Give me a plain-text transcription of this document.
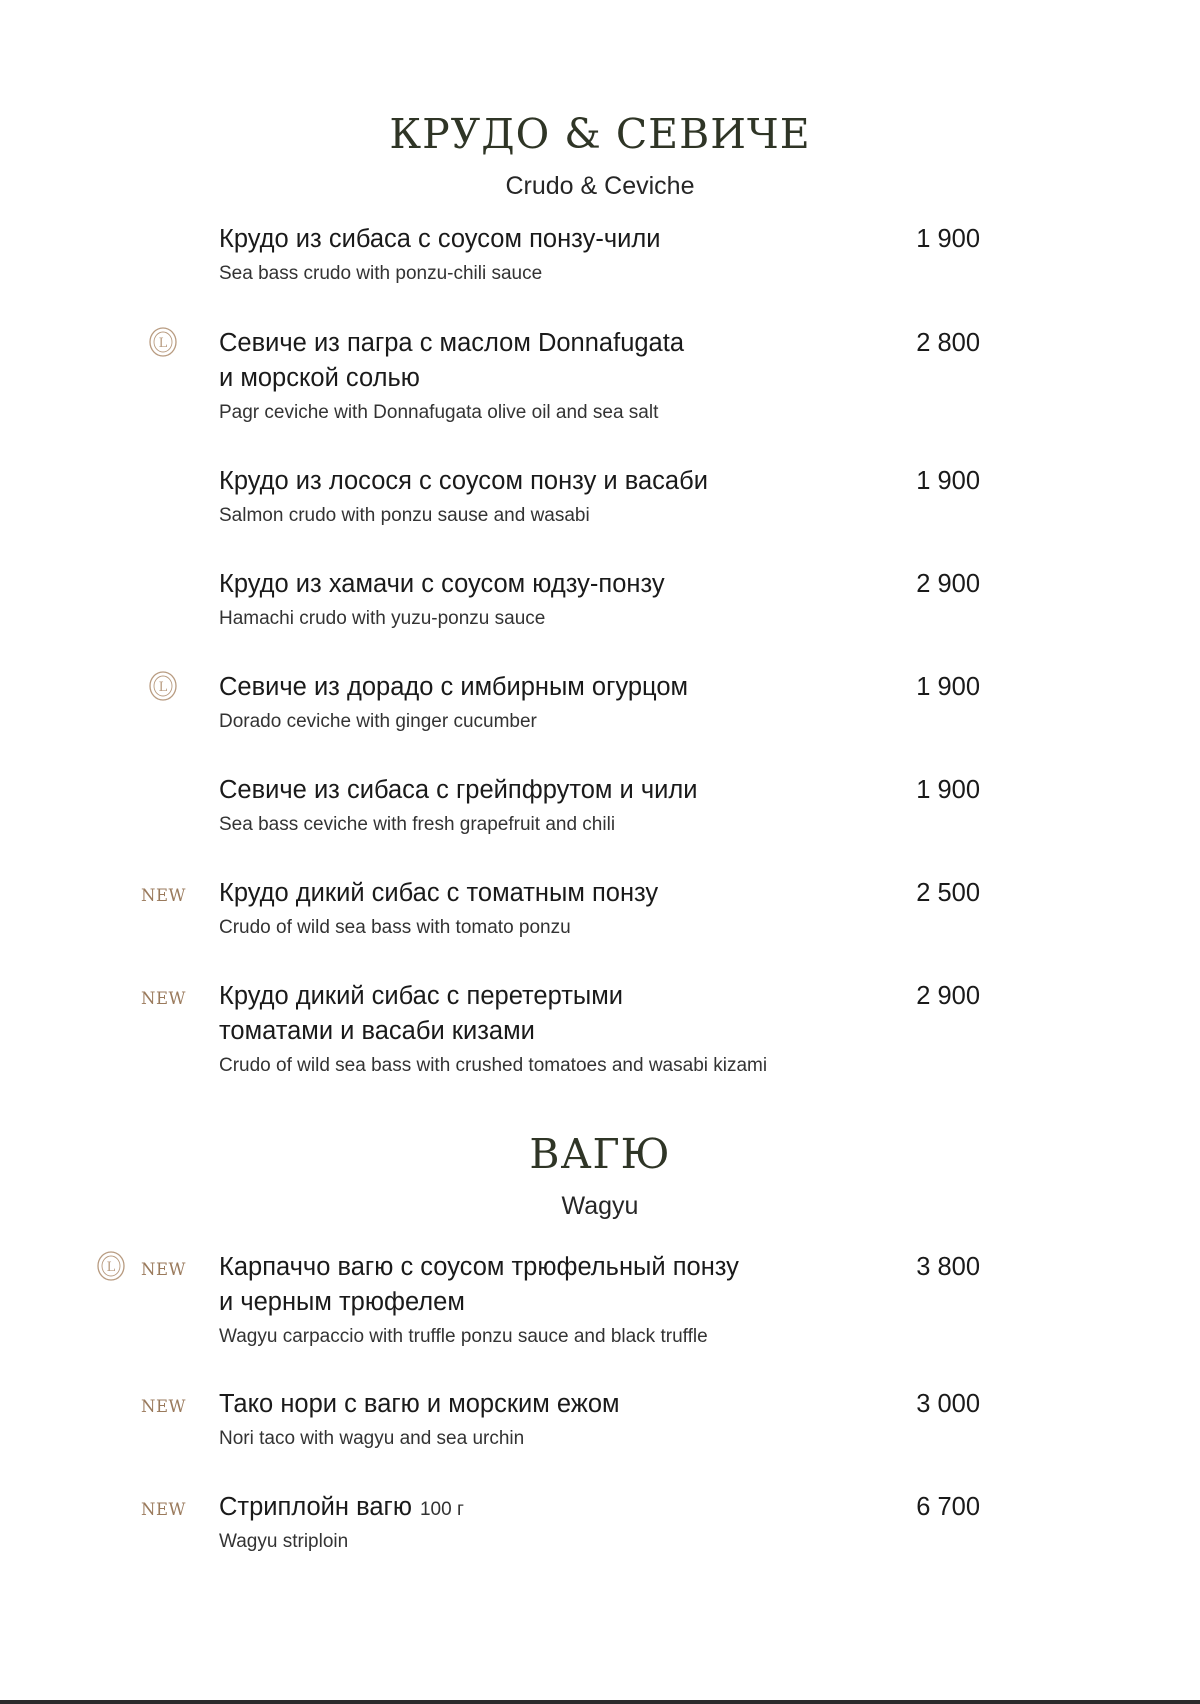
КРУДО & СЕВИЧЕ
Crudo & Ceviche
Крудо из сибаса с соусом понзу-чили
Sea bass crudo with ponzu-chili sauce
1 900
Севиче из пагра с маслом Donnafugata
и морской солью
Pagr ceviche with Donnafugata olive oil and sea salt
2 800
L
Крудо из лосося с соусом понзу и васаби
Salmon crudo with ponzu sause and wasabi
1 900
Крудо из хамачи с соусом юдзу-понзу
Hamachi crudo with yuzu-ponzu sauce
2 900
Севиче из дорадо с имбирным огурцом
Dorado ceviche with ginger cucumber
1 900
L
Севиче из сибаса с грейпфрутом и чили
Sea bass ceviche with fresh grapefruit and chili
1 900
Крудо дикий сибас с томатным понзу
Crudo of wild sea bass with tomato ponzu
2 500
NEW
Крудо дикий сибас с перетертыми
томатами и васаби кизами
Crudo of wild sea bass with crushed tomatoes and wasabi kizami
2 900
NEW
ВАГЮ
Wagyu
Карпаччо вагю с соусом трюфельный понзу
и черным трюфелем
Wagyu carpaccio with truffle ponzu sauce and black truffle
3 800
NEW
L
Тако нори с вагю и морским ежом
Nori taco with wagyu and sea urchin
3 000
NEW
Стриплойн вагю 100 г
Wagyu striploin
6 700
NEW
